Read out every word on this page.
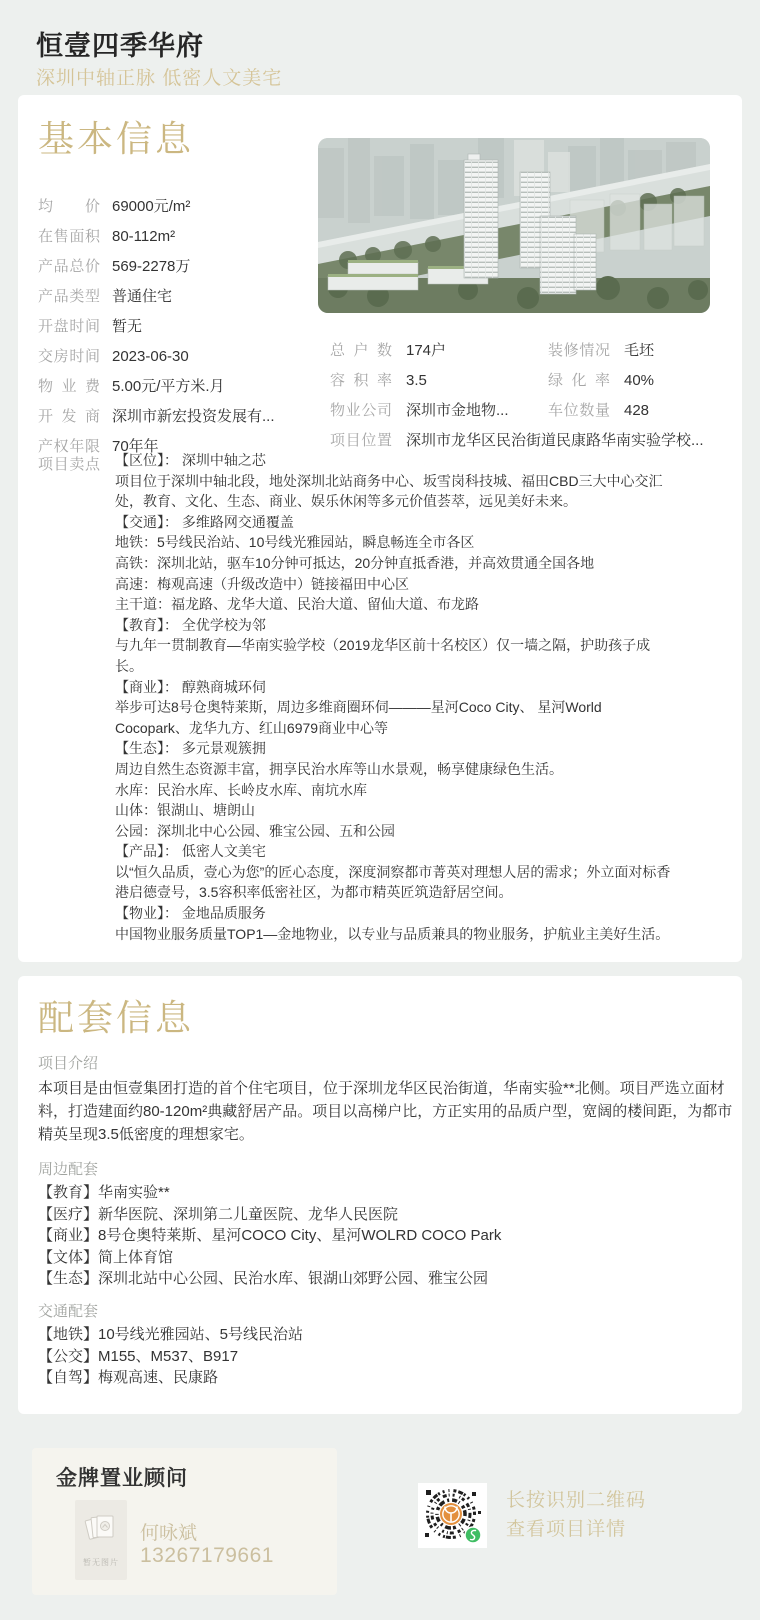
恒壹四季华府
深圳中轴正脉 低密人文美宅
基本信息
均价 69000元/m²
在售面积 80-112m²
产品总价 569-2278万
产品类型 普通住宅
开盘时间 暂无
交房时间 2023-06-30
物业费 5.00元/平方米.月
开发商 深圳市新宏投资发展有...
产权年限 70年年
总户数 174户	装修情况 毛坯
容积率 3.5	绿化率 40%
物业公司 深圳市金地物...	车位数量 428
项目位置 深圳市龙华区民治街道民康路华南实验学校...
项目卖点 【区位】： 深圳中轴之芯
项目位于深圳中轴北段，地处深圳北站商务中心、坂雪岗科技城、福田CBD三大中心交汇
处，教育、文化、生态、商业、娱乐休闲等多元价值荟萃，远见美好未来。
【交通】： 多维路网交通覆盖
地铁：5号线民治站、10号线光雅园站，瞬息畅连全市各区
高铁：深圳北站，驱车10分钟可抵达，20分钟直抵香港，并高效贯通全国各地
高速：梅观高速（升级改造中）链接福田中心区
主干道：福龙路、龙华大道、民治大道、留仙大道、布龙路
【教育】： 全优学校为邻
与九年一贯制教育—华南实验学校（2019龙华区前十名校区）仅一墙之隔，护助孩子成
长。
【商业】： 醇熟商城环伺
举步可达8号仓奥特莱斯，周边多维商圈环伺———星河Coco City、 星河World
Cocopark、龙华九方、红山6979商业中心等
【生态】： 多元景观簇拥
周边自然生态资源丰富，拥享民治水库等山水景观，畅享健康绿色生活。
水库：民治水库、长岭皮水库、南坑水库
山体：银湖山、塘朗山
公园：深圳北中心公园、雅宝公园、五和公园
【产品】： 低密人文美宅
以“恒久品质，壹心为您”的匠心态度，深度洞察都市菁英对理想人居的需求；外立面对标香
港启德壹号，3.5容积率低密社区，为都市精英匠筑造舒居空间。
【物业】： 金地品质服务
中国物业服务质量TOP1—金地物业，以专业与品质兼具的物业服务，护航业主美好生活。
配套信息
项目介绍
本项目是由恒壹集团打造的首个住宅项目，位于深圳龙华区民治街道，华南实验**北侧。项目严选立面材料，打造建面约80-120m²典藏舒居产品。项目以高梯户比，方正实用的品质户型，宽阔的楼间距，为都市精英呈现3.5低密度的理想家宅。
周边配套
【教育】华南实验**
【医疗】新华医院、深圳第二儿童医院、龙华人民医院
【商业】8号仓奥特莱斯、星河COCO City、星河WOLRD COCO Park
【文体】简上体育馆
【生态】深圳北站中心公园、民治水库、银湖山郊野公园、雅宝公园
交通配套
【地铁】10号线光雅园站、5号线民治站
【公交】M155、M537、B917
【自驾】梅观高速、民康路
金牌置业顾问
暂无图片
何咏斌
13267179661
长按识别二维码
查看项目详情
